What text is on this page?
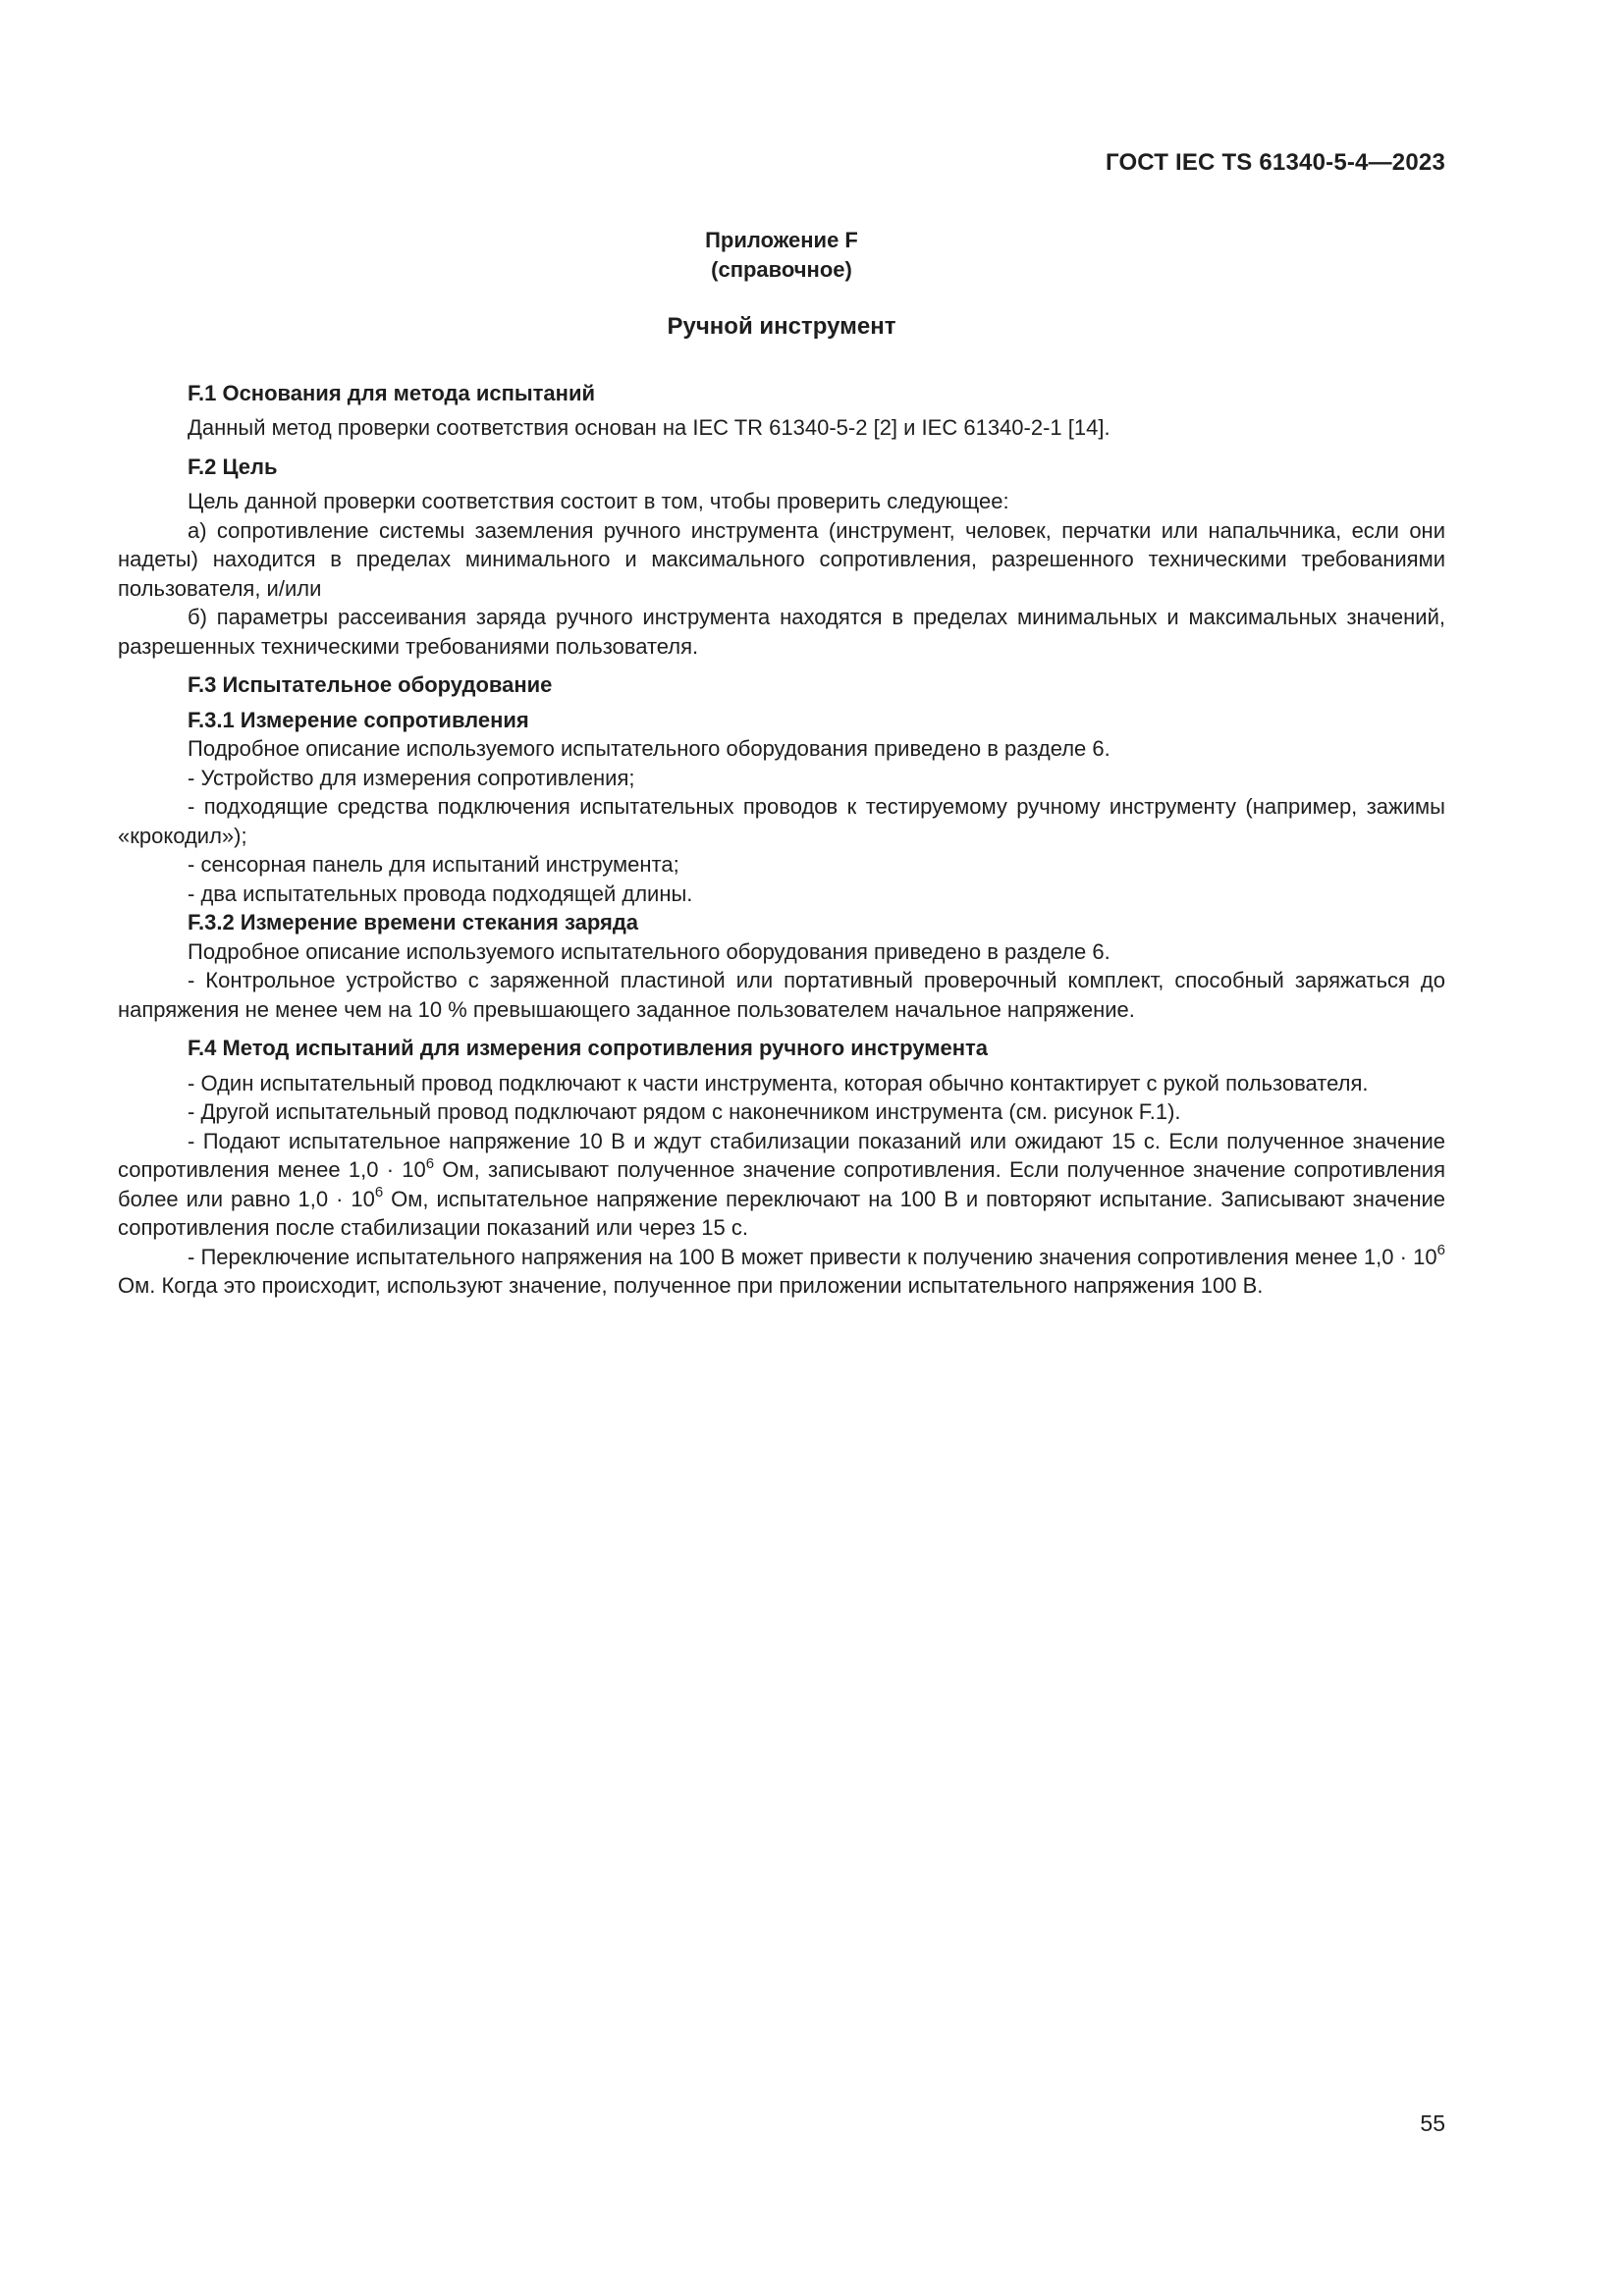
ГОСТ IEC TS 61340-5-4—2023
Приложение F
(справочное)
Ручной инструмент
F.1 Основания для метода испытаний
Данный метод проверки соответствия основан на IEC TR 61340-5-2 [2] и IEC 61340-2-1 [14].
F.2 Цель
Цель данной проверки соответствия состоит в том, чтобы проверить следующее:
а) сопротивление системы заземления ручного инструмента (инструмент, человек, перчатки или напальчника, если они надеты) находится в пределах минимального и максимального сопротивления, разрешенного техническими требованиями пользователя, и/или
б) параметры рассеивания заряда ручного инструмента находятся в пределах минимальных и максимальных значений, разрешенных техническими требованиями пользователя.
F.3 Испытательное оборудование
F.3.1 Измерение сопротивления
Подробное описание используемого испытательного оборудования приведено в разделе 6.
- Устройство для измерения сопротивления;
- подходящие средства подключения испытательных проводов к тестируемому ручному инструменту (например, зажимы «крокодил»);
- сенсорная панель для испытаний инструмента;
- два испытательных провода подходящей длины.
F.3.2 Измерение времени стекания заряда
Подробное описание используемого испытательного оборудования приведено в разделе 6.
- Контрольное устройство с заряженной пластиной или портативный проверочный комплект, способный заряжаться до напряжения не менее чем на 10 % превышающего заданное пользователем начальное напряжение.
F.4 Метод испытаний для измерения сопротивления ручного инструмента
- Один испытательный провод подключают к части инструмента, которая обычно контактирует с рукой пользователя.
- Другой испытательный провод подключают рядом с наконечником инструмента (см. рисунок F.1).
- Подают испытательное напряжение 10 В и ждут стабилизации показаний или ожидают 15 с. Если полученное значение сопротивления менее $1,0 \cdot 10^6$ Ом, записывают полученное значение сопротивления. Если полученное значение сопротивления более или равно $1,0 \cdot 10^6$ Ом, испытательное напряжение переключают на 100 В и повторяют испытание. Записывают значение сопротивления после стабилизации показаний или через 15 с.
- Переключение испытательного напряжения на 100 В может привести к получению значения сопротивления менее $1,0 \cdot 10^6$ Ом. Когда это происходит, используют значение, полученное при приложении испытательного напряжения 100 В.
55
